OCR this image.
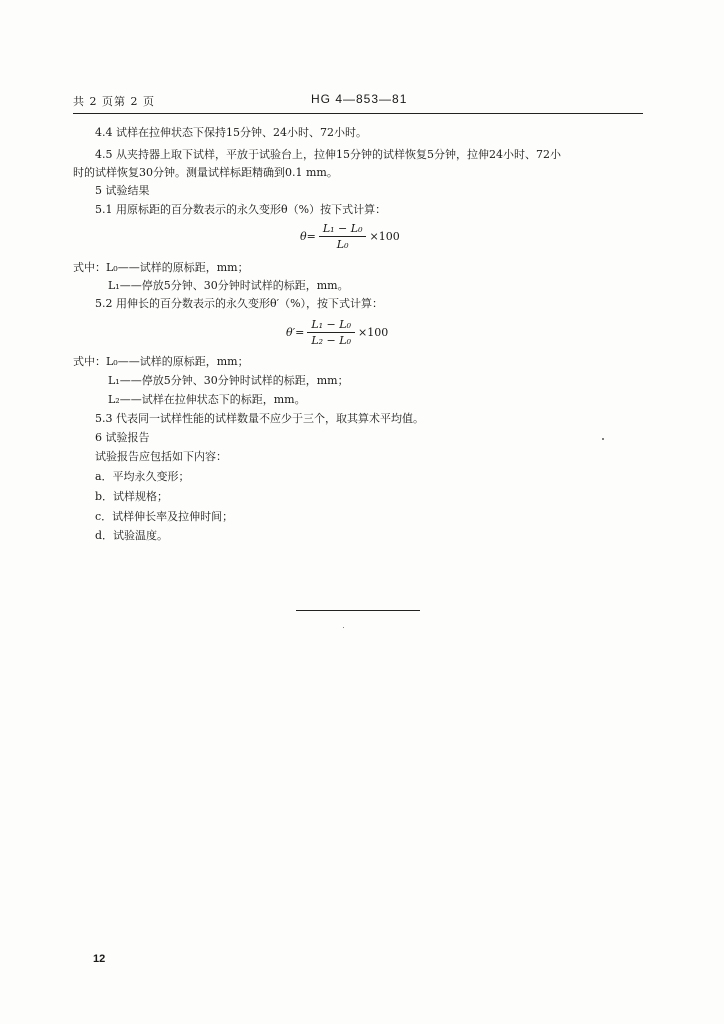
共 2 页第 2 页	HG 4—853—81
4.4 试样在拉伸状态下保持15分钟、24小时、72小时。
4.5 从夹持器上取下试样，平放于试验台上，拉伸15分钟的试样恢复5分钟，拉伸24小时、72小
时的试样恢复30分钟。测量试样标距精确到0.1 mm。
5 试验结果
5.1 用原标距的百分数表示的永久变形θ（%）按下式计算：
$\theta= \frac{\text{L₁ − L₀}}{\text{L₀}} \times 100$
式中：L₀——试样的原标距，mm；
L₁——停放5分钟、30分钟时试样的标距，mm。
5.2 用伸长的百分数表示的永久变形θ′（%），按下式计算：
$\theta'= \frac{\text{L₁ − L₀}}{\text{L₂ − L₀}} \times 100$
式中：L₀——试样的原标距，mm；
L₁——停放5分钟、30分钟时试样的标距，mm；
L₂——试样在拉伸状态下的标距，mm。
5.3 代表同一试样性能的试样数量不应少于三个，取其算术平均值。
6 试验报告
试验报告应包括如下内容：
a．平均永久变形；
b．试样规格；
c．试样伸长率及拉伸时间；
d．试验温度。
12
